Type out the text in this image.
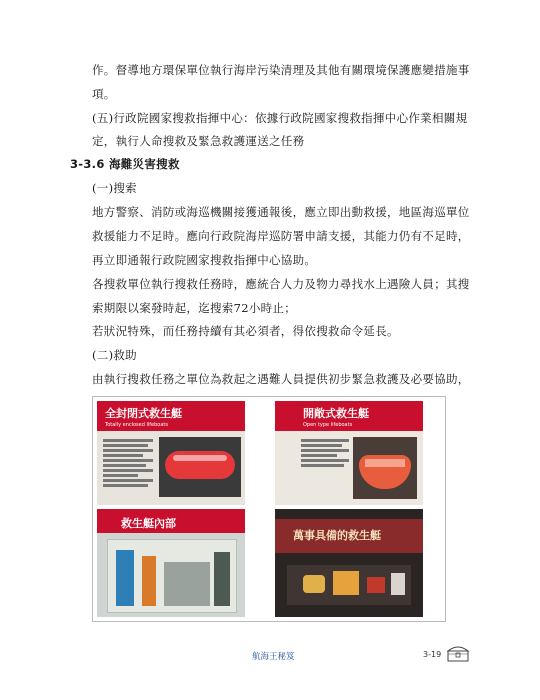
作。督導地方環保單位執行海岸污染清理及其他有關環境保護應變措施事
項。
(五)行政院國家搜救指揮中心：依據行政院國家搜救指揮中心作業相關規
定，執行人命搜救及緊急救護運送之任務
3-3.6 海難災害搜救
(一)搜索
地方警察、消防或海巡機關接獲通報後，應立即出動救援，地區海巡單位
救援能力不足時。應向行政院海岸巡防署申請支援，其能力仍有不足時，
再立即通報行政院國家搜救指揮中心協助。
各搜救單位執行搜救任務時，應統合人力及物力尋找水上遇險人員；其搜
索期限以案發時起，迄搜索72小時止；
若狀況特殊，而任務持續有其必須者，得依搜救命令延長。
(二)救助
由執行搜救任務之單位為救起之遇難人員提供初步緊急救護及必要協助，
全封閉式救生艇
Totally enclosed lifeboats
開敞式救生艇
Open type lifeboats
救生艇內部
萬事具備的救生艇
航海王秘笈	3-19
